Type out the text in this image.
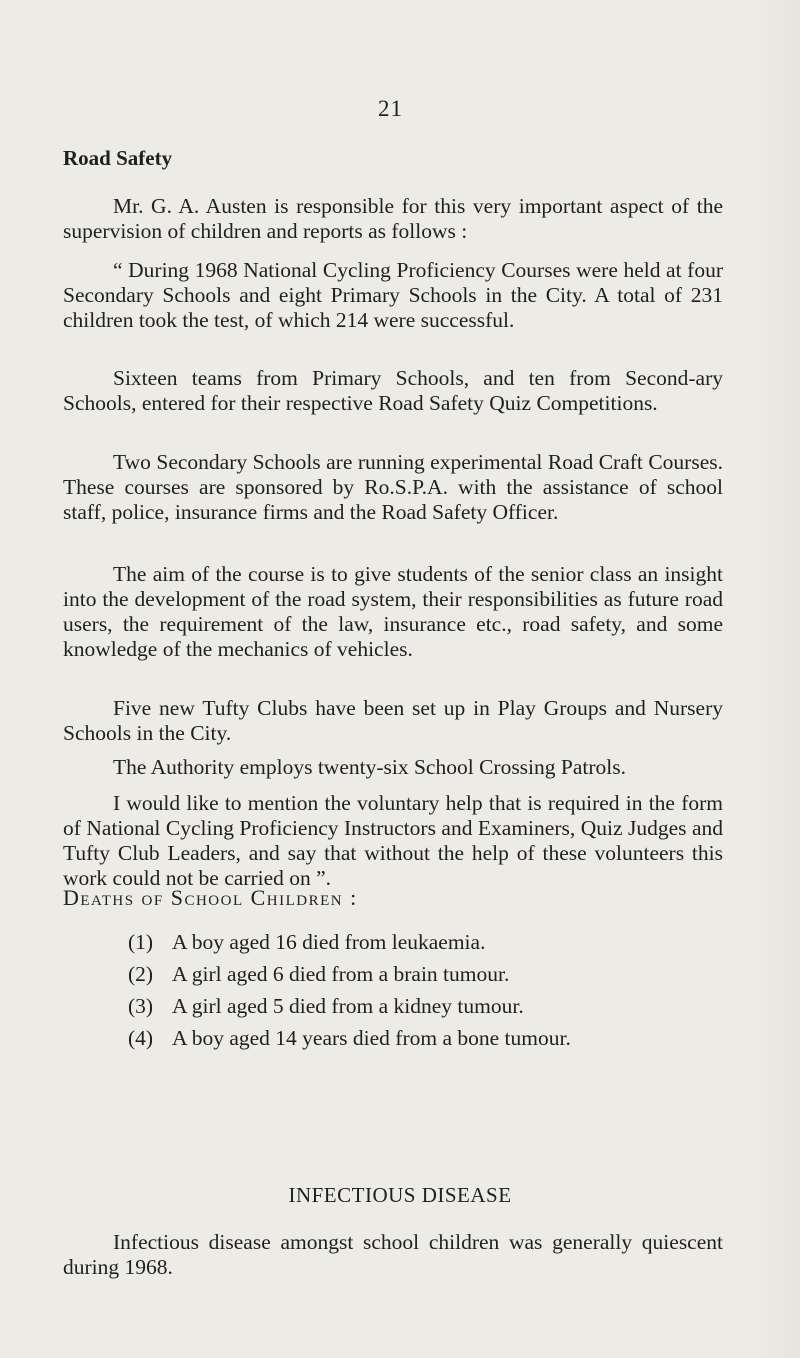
21
Road Safety

Mr. G. A. Austen is responsible for this very important aspect of the supervision of children and reports as follows :

“ During 1968 National Cycling Proficiency Courses were held at four Secondary Schools and eight Primary Schools in the City. A total of 231 children took the test, of which 214 were successful.

Sixteen teams from Primary Schools, and ten from Second-ary Schools, entered for their respective Road Safety Quiz Competitions.

Two Secondary Schools are running experimental Road Craft Courses. These courses are sponsored by Ro.S.P.A. with the assistance of school staff, police, insurance firms and the Road Safety Officer.

The aim of the course is to give students of the senior class an insight into the development of the road system, their responsibilities as future road users, the requirement of the law, insurance etc., road safety, and some knowledge of the mechanics of vehicles.

Five new Tufty Clubs have been set up in Play Groups and Nursery Schools in the City.

The Authority employs twenty-six School Crossing Patrols.

I would like to mention the voluntary help that is required in the form of National Cycling Proficiency Instructors and Examiners, Quiz Judges and Tufty Club Leaders, and say that without the help of these volunteers this work could not be carried on ”.

Deaths of School Children :
(1) A boy aged 16 died from leukaemia.
(2) A girl aged 6 died from a brain tumour.
(3) A girl aged 5 died from a kidney tumour.
(4) A boy aged 14 years died from a bone tumour.
INFECTIOUS DISEASE

Infectious disease amongst school children was generally quiescent during 1968.
